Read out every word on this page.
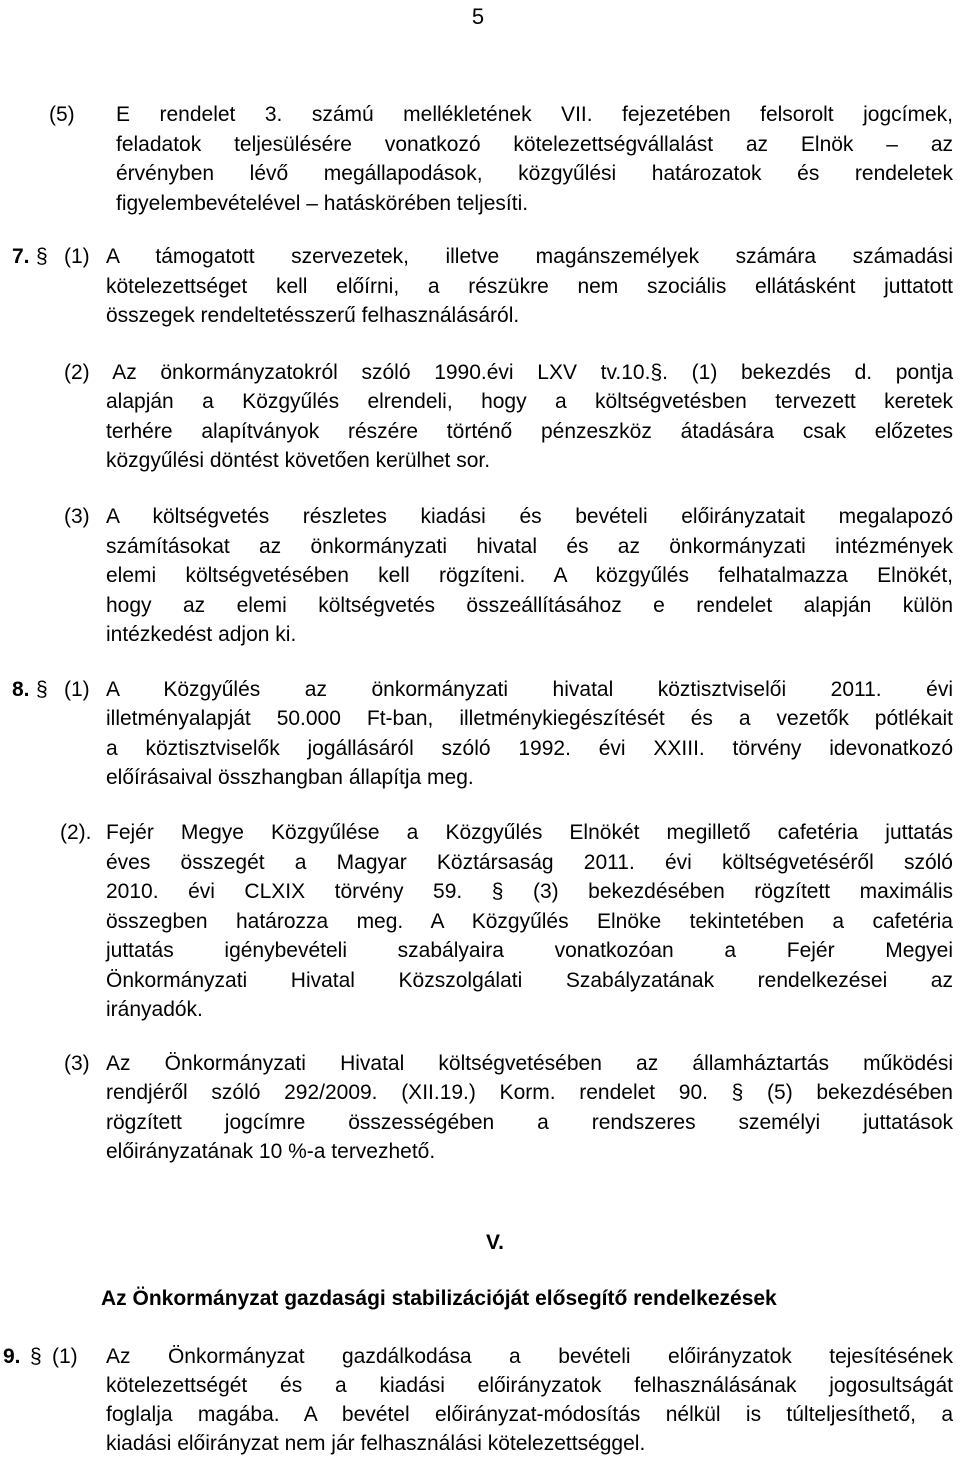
5
(5) E rendelet 3. számú mellékletének VII. fejezetében felsorolt jogcímek,
feladatok teljesülésére vonatkozó kötelezettségvállalást az Elnök – az
érvényben lévő megállapodások, közgyűlési határozatok és rendeletek
figyelembevételével – hatáskörében teljesíti.
7. § (1) A támogatott szervezetek, illetve magánszemélyek számára számadási
kötelezettséget kell előírni, a részükre nem szociális ellátásként juttatott
összegek rendeltetésszerű felhasználásáról.
(2) Az önkormányzatokról szóló 1990.évi LXV tv.10.§. (1) bekezdés d. pontja
alapján a Közgyűlés elrendeli, hogy a költségvetésben tervezett keretek
terhére alapítványok részére történő pénzeszköz átadására csak előzetes
közgyűlési döntést követően kerülhet sor.
(3) A költségvetés részletes kiadási és bevételi előirányzatait megalapozó
számításokat az önkormányzati hivatal és az önkormányzati intézmények
elemi költségvetésében kell rögzíteni. A közgyűlés felhatalmazza Elnökét,
hogy az elemi költségvetés összeállításához e rendelet alapján külön
intézkedést adjon ki.
8. § (1) A Közgyűlés az önkormányzati hivatal köztisztviselői 2011. évi
illetményalapját 50.000 Ft-ban, illetménykiegészítését és a vezetők pótlékait
a köztisztviselők jogállásáról szóló 1992. évi XXIII. törvény idevonatkozó
előírásaival összhangban állapítja meg.
(2). Fejér Megye Közgyűlése a Közgyűlés Elnökét megillető cafetéria juttatás
éves összegét a Magyar Köztársaság 2011. évi költségvetéséről szóló
2010. évi CLXIX törvény 59. § (3) bekezdésében rögzített maximális
összegben határozza meg. A Közgyűlés Elnöke tekintetében a cafetéria
juttatás igénybevételi szabályaira vonatkozóan a Fejér Megyei
Önkormányzati Hivatal Közszolgálati Szabályzatának rendelkezései az
irányadók.
(3) Az Önkormányzati Hivatal költségvetésében az államháztartás működési
rendjéről szóló 292/2009. (XII.19.) Korm. rendelet 90. § (5) bekezdésében
rögzített jogcímre összességében a rendszeres személyi juttatások
előirányzatának 10 %-a tervezhető.
V.
Az Önkormányzat gazdasági stabilizációját elősegítő rendelkezések
9. § (1) Az Önkormányzat gazdálkodása a bevételi előirányzatok tejesítésének
kötelezettségét és a kiadási előirányzatok felhasználásának jogosultságát
foglalja magába. A bevétel előirányzat-módosítás nélkül is túlteljesíthető, a
kiadási előirányzat nem jár felhasználási kötelezettséggel.
